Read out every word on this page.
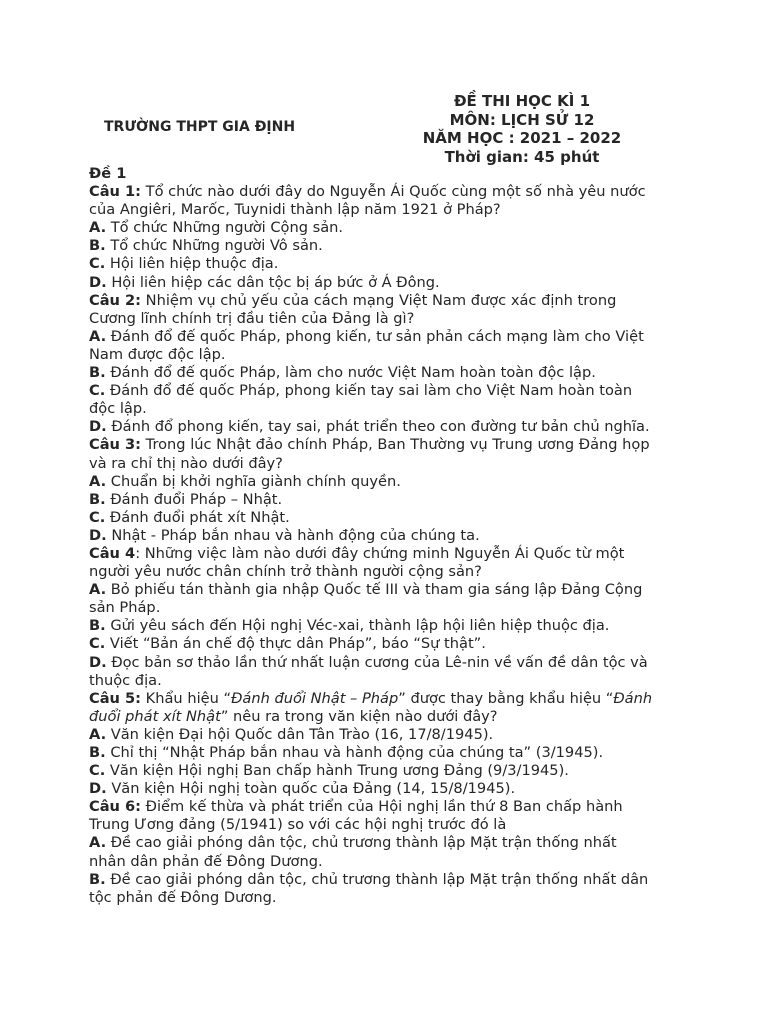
TRƯỜNG THPT GIA ĐỊNH
ĐỀ THI HỌC KÌ 1
MÔN: LỊCH SỬ 12
NĂM HỌC : 2021 – 2022
Thời gian: 45 phút
Đề 1
Câu 1: Tổ chức nào dưới đây do Nguyễn Ái Quốc cùng một số nhà yêu nước
của Angiêri, Marốc, Tuynidi thành lập năm 1921 ở Pháp?
A. Tổ chức Những người Cộng sản.
B. Tổ chức Những người Vô sản.
C. Hội liên hiệp thuộc địa.
D. Hội liên hiệp các dân tộc bị áp bức ở Á Đông.
Câu 2: Nhiệm vụ chủ yếu của cách mạng Việt Nam được xác định trong
Cương lĩnh chính trị đầu tiên của Đảng là gì?
A. Đánh đổ đế quốc Pháp, phong kiến, tư sản phản cách mạng làm cho Việt
Nam được độc lập.
B. Đánh đổ đế quốc Pháp, làm cho nước Việt Nam hoàn toàn độc lập.
C. Đánh đổ đế quốc Pháp, phong kiến tay sai làm cho Việt Nam hoàn toàn
độc lập.
D. Đánh đổ phong kiến, tay sai, phát triển theo con đường tư bản chủ nghĩa.
Câu 3: Trong lúc Nhật đảo chính Pháp, Ban Thường vụ Trung ương Đảng họp
và ra chỉ thị nào dưới đây?
A. Chuẩn bị khởi nghĩa giành chính quyền.
B. Đánh đuổi Pháp – Nhật.
C. Đánh đuổi phát xít Nhật.
D. Nhật - Pháp bắn nhau và hành động của chúng ta.
Câu 4: Những việc làm nào dưới đây chứng minh Nguyễn Ái Quốc từ một
người yêu nước chân chính trở thành người cộng sản?
A. Bỏ phiếu tán thành gia nhập Quốc tế III và tham gia sáng lập Đảng Cộng
sản Pháp.
B. Gửi yêu sách đến Hội nghị Véc-xai, thành lập hội liên hiệp thuộc địa.
C. Viết “Bản án chế độ thực dân Pháp”, báo “Sự thật”.
D. Đọc bản sơ thảo lần thứ nhất luận cương của Lê-nin về vấn đề dân tộc và
thuộc địa.
Câu 5: Khẩu hiệu “Đánh đuổi Nhật – Pháp” được thay bằng khẩu hiệu “Đánh
đuổi phát xít Nhật” nêu ra trong văn kiện nào dưới đây?
A. Văn kiện Đại hội Quốc dân Tân Trào (16, 17/8/1945).
B. Chỉ thị “Nhật Pháp bắn nhau và hành động của chúng ta” (3/1945).
C. Văn kiện Hội nghị Ban chấp hành Trung ương Đảng (9/3/1945).
D. Văn kiện Hội nghị toàn quốc của Đảng (14, 15/8/1945).
Câu 6: Điểm kế thừa và phát triển của Hội nghị lần thứ 8 Ban chấp hành
Trung Ương đảng (5/1941) so với các hội nghị trước đó là
A. Đề cao giải phóng dân tộc, chủ trương thành lập Mặt trận thống nhất
nhân dân phản đế Đông Dương.
B. Đề cao giải phóng dân tộc, chủ trương thành lập Mặt trận thống nhất dân
tộc phản đế Đông Dương.
